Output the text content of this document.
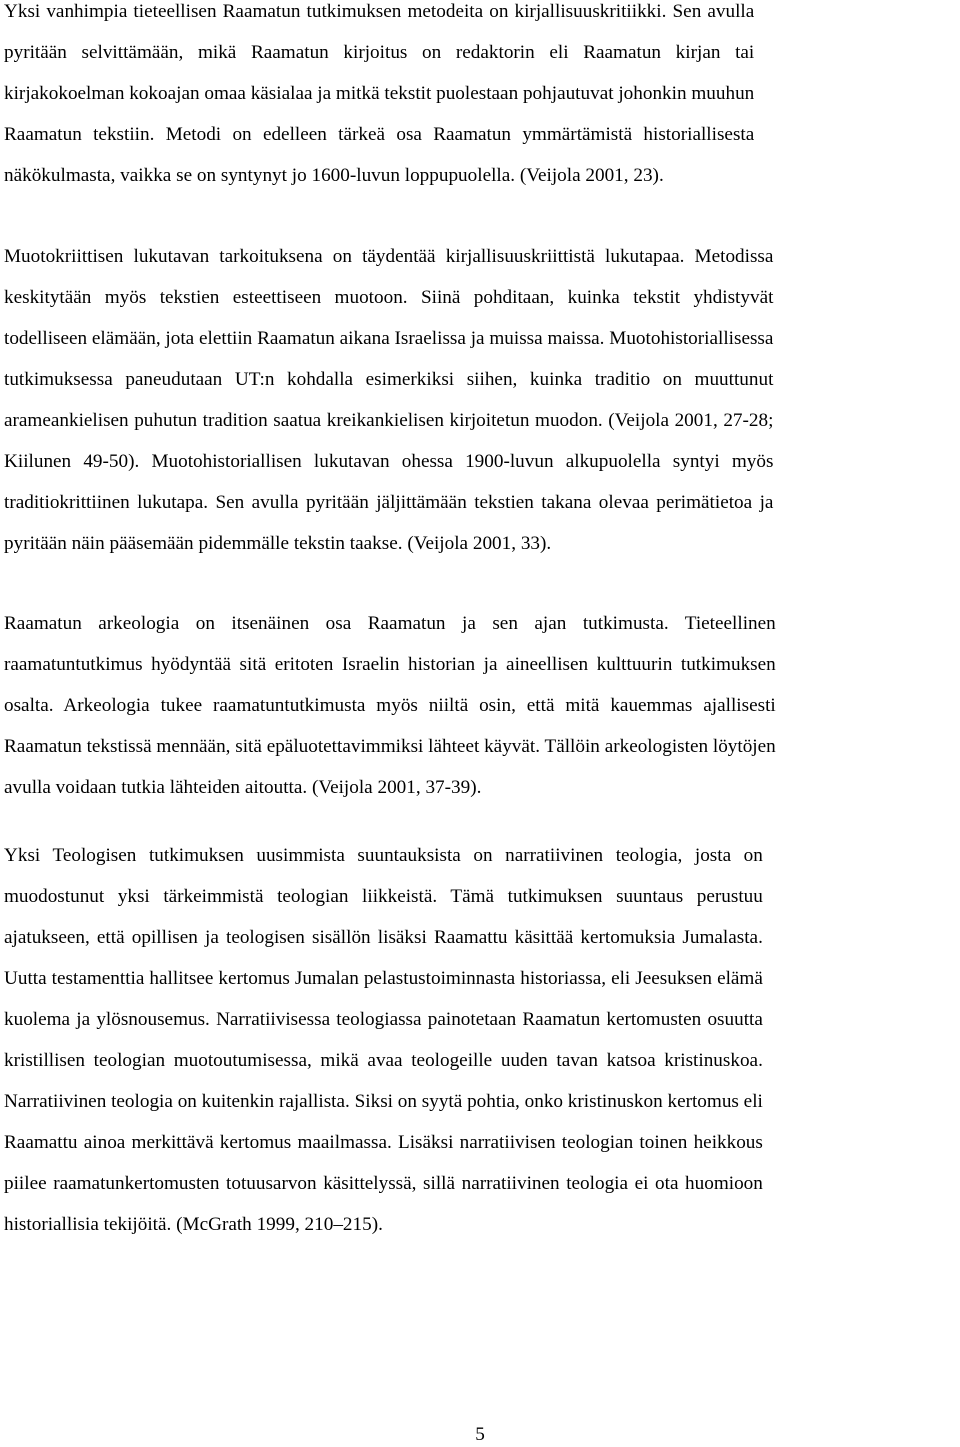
Yksi vanhimpia tieteellisen Raamatun tutkimuksen metodeita on kirjallisuuskritiikki. Sen avulla
pyritään selvittämään, mikä Raamatun kirjoitus on redaktorin eli Raamatun kirjan tai
kirjakokoelman kokoajan omaa käsialaa ja mitkä tekstit puolestaan pohjautuvat johonkin muuhun
Raamatun tekstiin. Metodi on edelleen tärkeä osa Raamatun ymmärtämistä historiallisesta
näkökulmasta, vaikka se on syntynyt jo 1600-luvun loppupuolella. (Veijola 2001, 23).
Muotokriittisen lukutavan tarkoituksena on täydentää kirjallisuuskriittistä lukutapaa. Metodissa
keskitytään myös tekstien esteettiseen muotoon. Siinä pohditaan, kuinka tekstit yhdistyvät
todelliseen elämään, jota elettiin Raamatun aikana Israelissa ja muissa maissa. Muotohistoriallisessa
tutkimuksessa paneudutaan UT:n kohdalla esimerkiksi siihen, kuinka traditio on muuttunut
arameankielisen puhutun tradition saatua kreikankielisen kirjoitetun muodon. (Veijola 2001, 27-28;
Kiilunen 49-50). Muotohistoriallisen lukutavan ohessa 1900-luvun alkupuolella syntyi myös
traditiokrittiinen lukutapa. Sen avulla pyritään jäljittämään tekstien takana olevaa perimätietoa ja
pyritään näin pääsemään pidemmälle tekstin taakse. (Veijola 2001, 33).
Raamatun arkeologia on itsenäinen osa Raamatun ja sen ajan tutkimusta. Tieteellinen
raamatuntutkimus hyödyntää sitä eritoten Israelin historian ja aineellisen kulttuurin tutkimuksen
osalta. Arkeologia tukee raamatuntutkimusta myös niiltä osin, että mitä kauemmas ajallisesti
Raamatun tekstissä mennään, sitä epäluotettavimmiksi lähteet käyvät. Tällöin arkeologisten löytöjen
avulla voidaan tutkia lähteiden aitoutta. (Veijola 2001, 37-39).
Yksi Teologisen tutkimuksen uusimmista suuntauksista on narratiivinen teologia, josta on
muodostunut yksi tärkeimmistä teologian liikkeistä. Tämä tutkimuksen suuntaus perustuu
ajatukseen, että opillisen ja teologisen sisällön lisäksi Raamattu käsittää kertomuksia Jumalasta.
Uutta testamenttia hallitsee kertomus Jumalan pelastustoiminnasta historiassa, eli Jeesuksen elämä
kuolema ja ylösnousemus. Narratiivisessa teologiassa painotetaan Raamatun kertomusten osuutta
kristillisen teologian muotoutumisessa, mikä avaa teologeille uuden tavan katsoa kristinuskoa.
Narratiivinen teologia on kuitenkin rajallista. Siksi on syytä pohtia, onko kristinuskon kertomus eli
Raamattu ainoa merkittävä kertomus maailmassa. Lisäksi narratiivisen teologian toinen heikkous
piilee raamatunkertomusten totuusarvon käsittelyssä, sillä narratiivinen teologia ei ota huomioon
historiallisia tekijöitä. (McGrath 1999, 210–215).
5
